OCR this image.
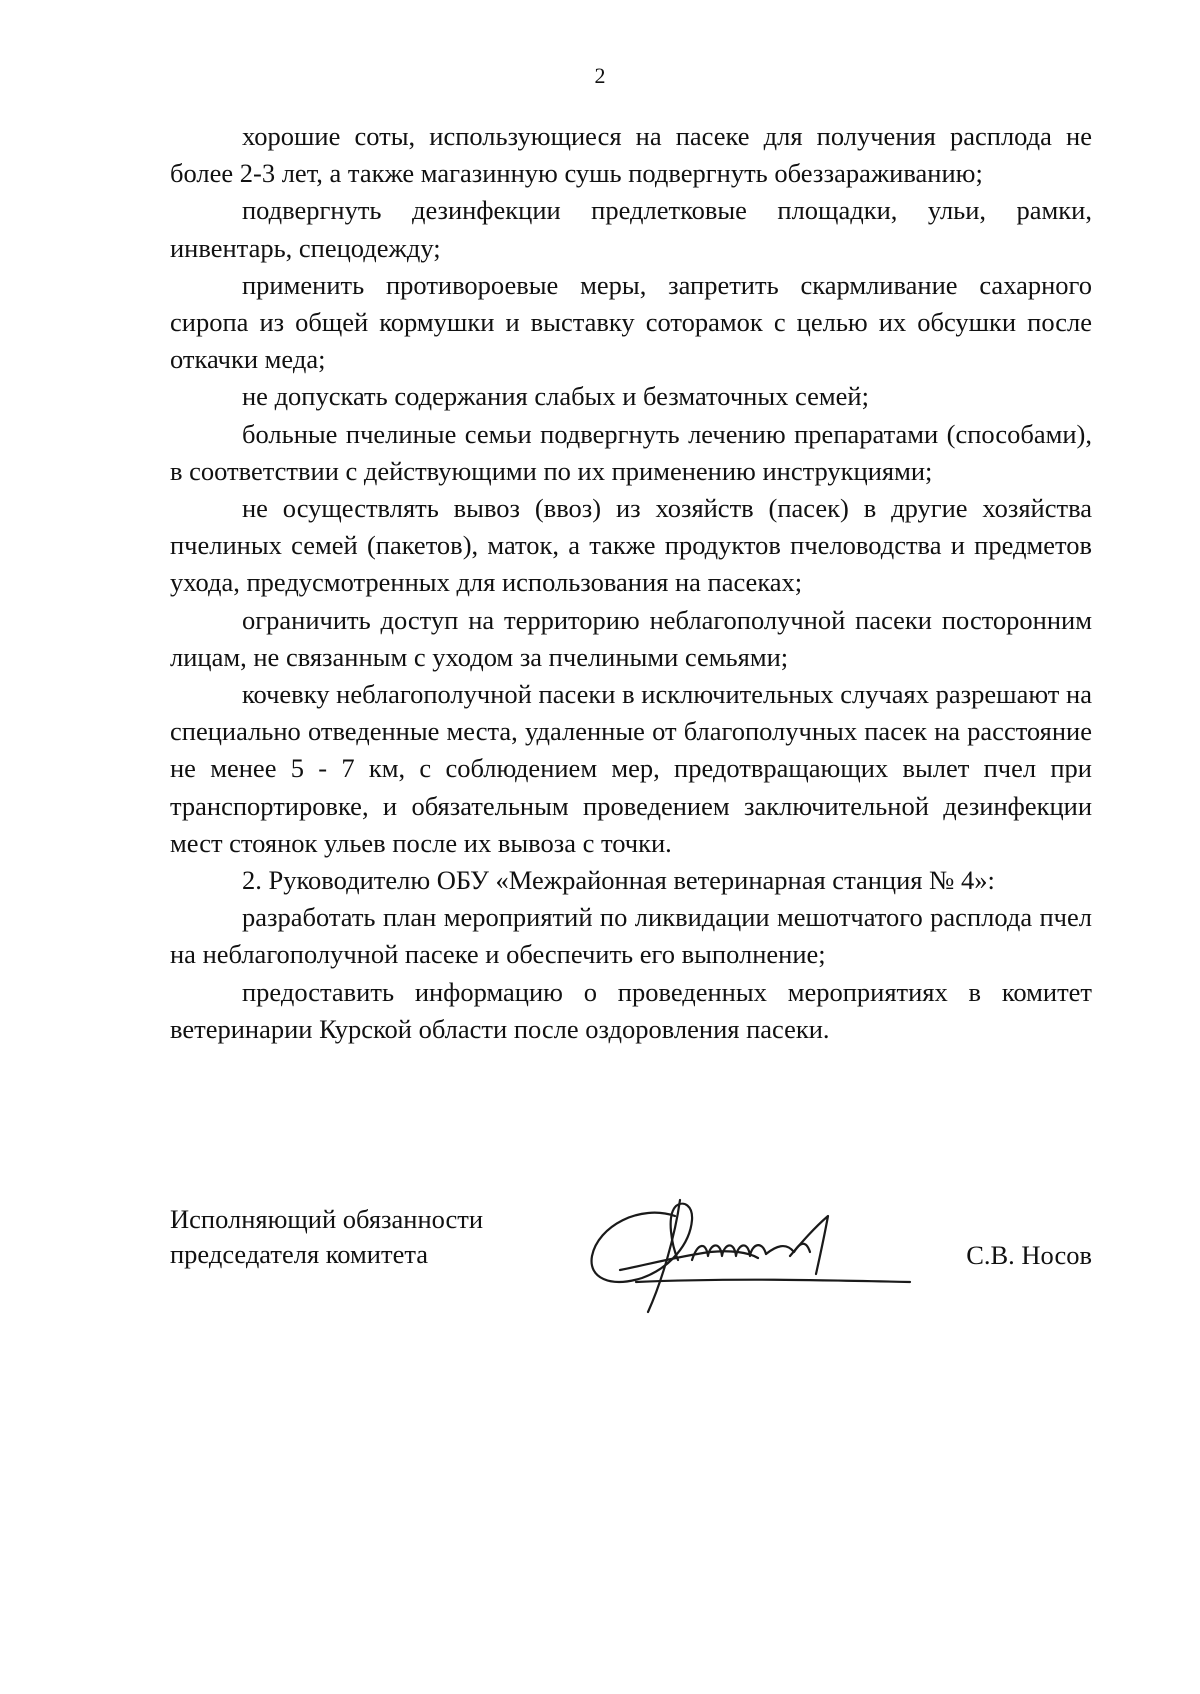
2

хорошие соты, использующиеся на пасеке для получения расплода не более 2-3 лет, а также магазинную сушь подвергнуть обеззараживанию;

подвергнуть дезинфекции предлетковые площадки, ульи, рамки, инвентарь, спецодежду;

применить противороевые меры, запретить скармливание сахарного сиропа из общей кормушки и выставку соторамок с целью их обсушки после откачки меда;

не допускать содержания слабых и безматочных семей;

больные пчелиные семьи подвергнуть лечению препаратами (способами), в соответствии с действующими по их применению инструкциями;

не осуществлять вывоз (ввоз) из хозяйств (пасек) в другие хозяйства пчелиных семей (пакетов), маток, а также продуктов пчеловодства и предметов ухода, предусмотренных для использования на пасеках;

ограничить доступ на территорию неблагополучной пасеки посторонним лицам, не связанным с уходом за пчелиными семьями;

кочевку неблагополучной пасеки в исключительных случаях разрешают на специально отведенные места, удаленные от благополучных пасек на расстояние не менее 5 - 7 км, с соблюдением мер, предотвращающих вылет пчел при транспортировке, и обязательным проведением заключительной дезинфекции мест стоянок ульев после их вывоза с точки.

2. Руководителю ОБУ «Межрайонная ветеринарная станция № 4»:

разработать план мероприятий по ликвидации мешотчатого расплода пчел на неблагополучной пасеке и обеспечить его выполнение;

предоставить информацию о проведенных мероприятиях в комитет ветеринарии Курской области после оздоровления пасеки.

Исполняющий обязанности
председателя комитета	С.В. Носов
